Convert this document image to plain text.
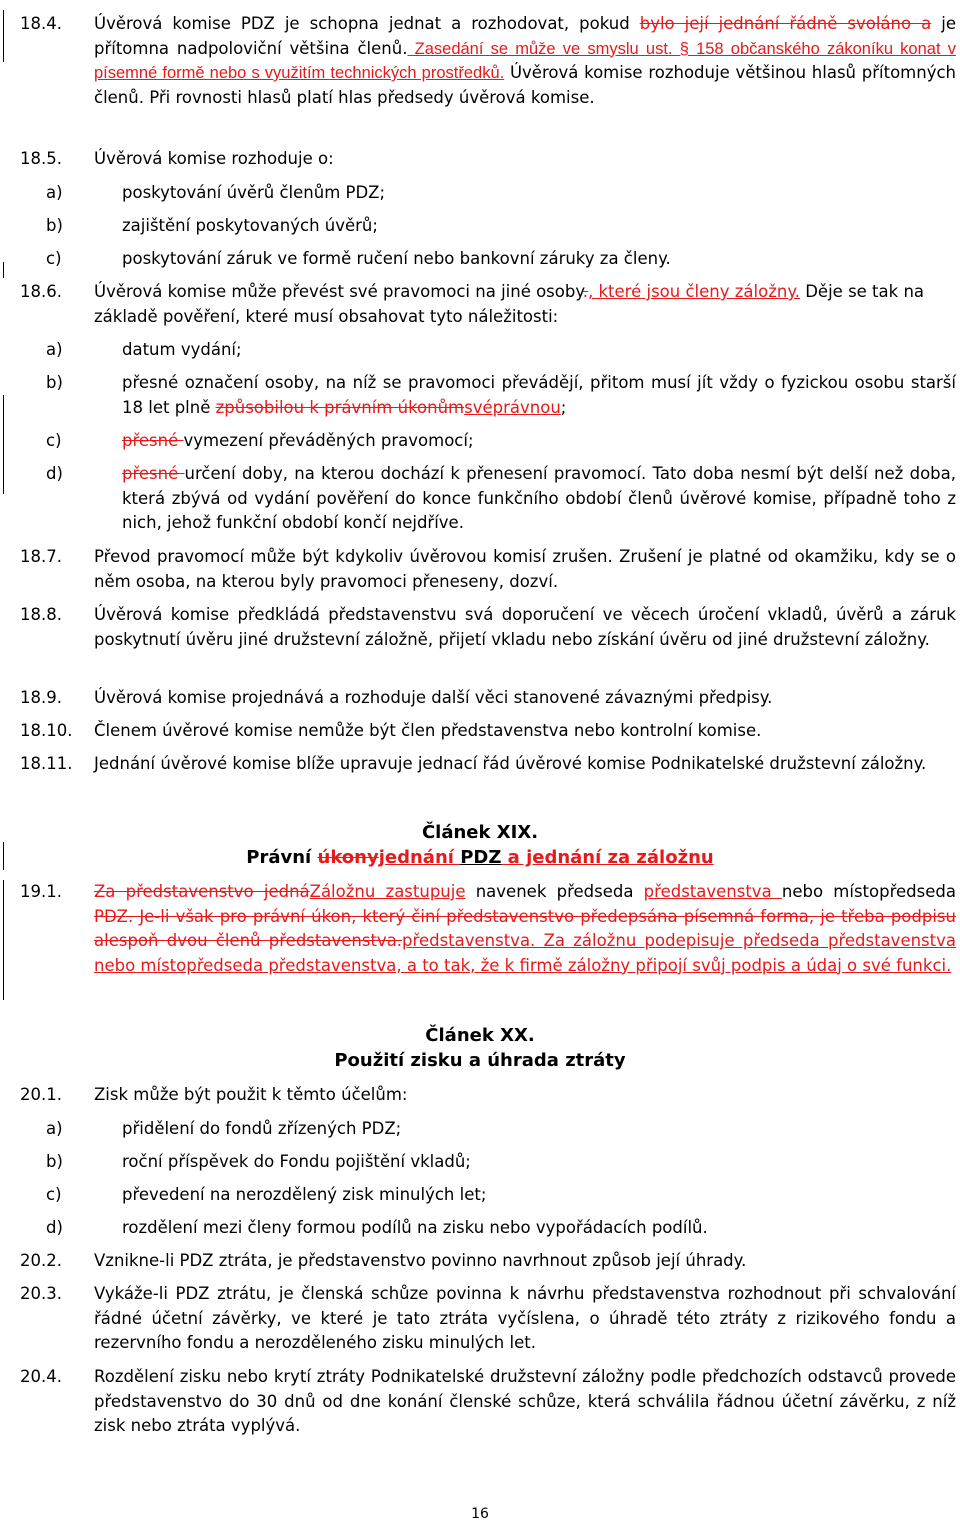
18.4. Úvěrová komise PDZ je schopna jednat a rozhodovat, pokud bylo její jednání řádně svoláno a je přítomna nadpoloviční většina členů. Zasedání se může ve smyslu ust. § 158 občanského zákoníku konat v písemné formě nebo s využitím technických prostředků. Úvěrová komise rozhoduje většinou hlasů přítomných členů. Při rovnosti hlasů platí hlas předsedy úvěrová komise.
18.5. Úvěrová komise rozhoduje o:
a)	poskytování úvěrů členům PDZ;
b)	zajištění poskytovaných úvěrů;
c)	poskytování záruk ve formě ručení nebo bankovní záruky za členy.
18.6. Úvěrová komise může převést své pravomoci na jiné osoby., které jsou členy záložny. Děje se tak na základě pověření, které musí obsahovat tyto náležitosti:
a)	datum vydání;
b)	přesné označení osoby, na níž se pravomoci převádějí, přitom musí jít vždy o fyzickou osobu starší 18 let plně způsobilou k právním úkonůmsvéprávnou;
c)	přesné vymezení převáděných pravomocí;
d)	přesné určení doby, na kterou dochází k přenesení pravomocí. Tato doba nesmí být delší než doba, která zbývá od vydání pověření do konce funkčního období členů úvěrové komise, případně toho z nich, jehož funkční období končí nejdříve.
18.7. Převod pravomocí může být kdykoliv úvěrovou komisí zrušen. Zrušení je platné od okamžiku, kdy se o něm osoba, na kterou byly pravomoci přeneseny, dozví.
18.8. Úvěrová komise předkládá představenstvu svá doporučení ve věcech úročení vkladů, úvěrů a záruk poskytnutí úvěru jiné družstevní záložně, přijetí vkladu nebo získání úvěru od jiné družstevní záložny.
18.9. Úvěrová komise projednává a rozhoduje další věci stanovené závaznými předpisy.
18.10. Členem úvěrové komise nemůže být člen představenstva nebo kontrolní komise.
18.11. Jednání úvěrové komise blíže upravuje jednací řád úvěrové komise Podnikatelské družstevní záložny.
Článek XIX.
Právní úkonyjednání PDZ a jednání za záložnu
19.1. Za představenstvo jednáZáložnu zastupuje navenek předseda představenstva nebo místopředseda PDZ. Je-li však pro právní úkon, který činí představenstvo předepsána písemná forma, je třeba podpisu alespoň dvou členů představenstva.představenstva. Za záložnu podepisuje předseda představenstva nebo místopředseda představenstva, a to tak, že k firmě záložny připojí svůj podpis a údaj o své funkci.
Článek XX.
Použití zisku a úhrada ztráty
20.1. Zisk může být použit k těmto účelům:
a)	přidělení do fondů zřízených PDZ;
b)	roční příspěvek do Fondu pojištění vkladů;
c)	převedení na nerozdělený zisk minulých let;
d)	rozdělení mezi členy formou podílů na zisku nebo vypořádacích podílů.
20.2. Vznikne-li PDZ ztráta, je představenstvo povinno navrhnout způsob její úhrady.
20.3. Vykáže-li PDZ ztrátu, je členská schůze povinna k návrhu představenstva rozhodnout při schvalování řádné účetní závěrky, ve které je tato ztráta vyčíslena, o úhradě této ztráty z rizikového fondu a rezervního fondu a nerozděleného zisku minulých let.
20.4. Rozdělení zisku nebo krytí ztráty Podnikatelské družstevní záložny podle předchozích odstavců provede představenstvo do 30 dnů od dne konání členské schůze, která schválila řádnou účetní závěrku, z níž zisk nebo ztráta vyplývá.
16
